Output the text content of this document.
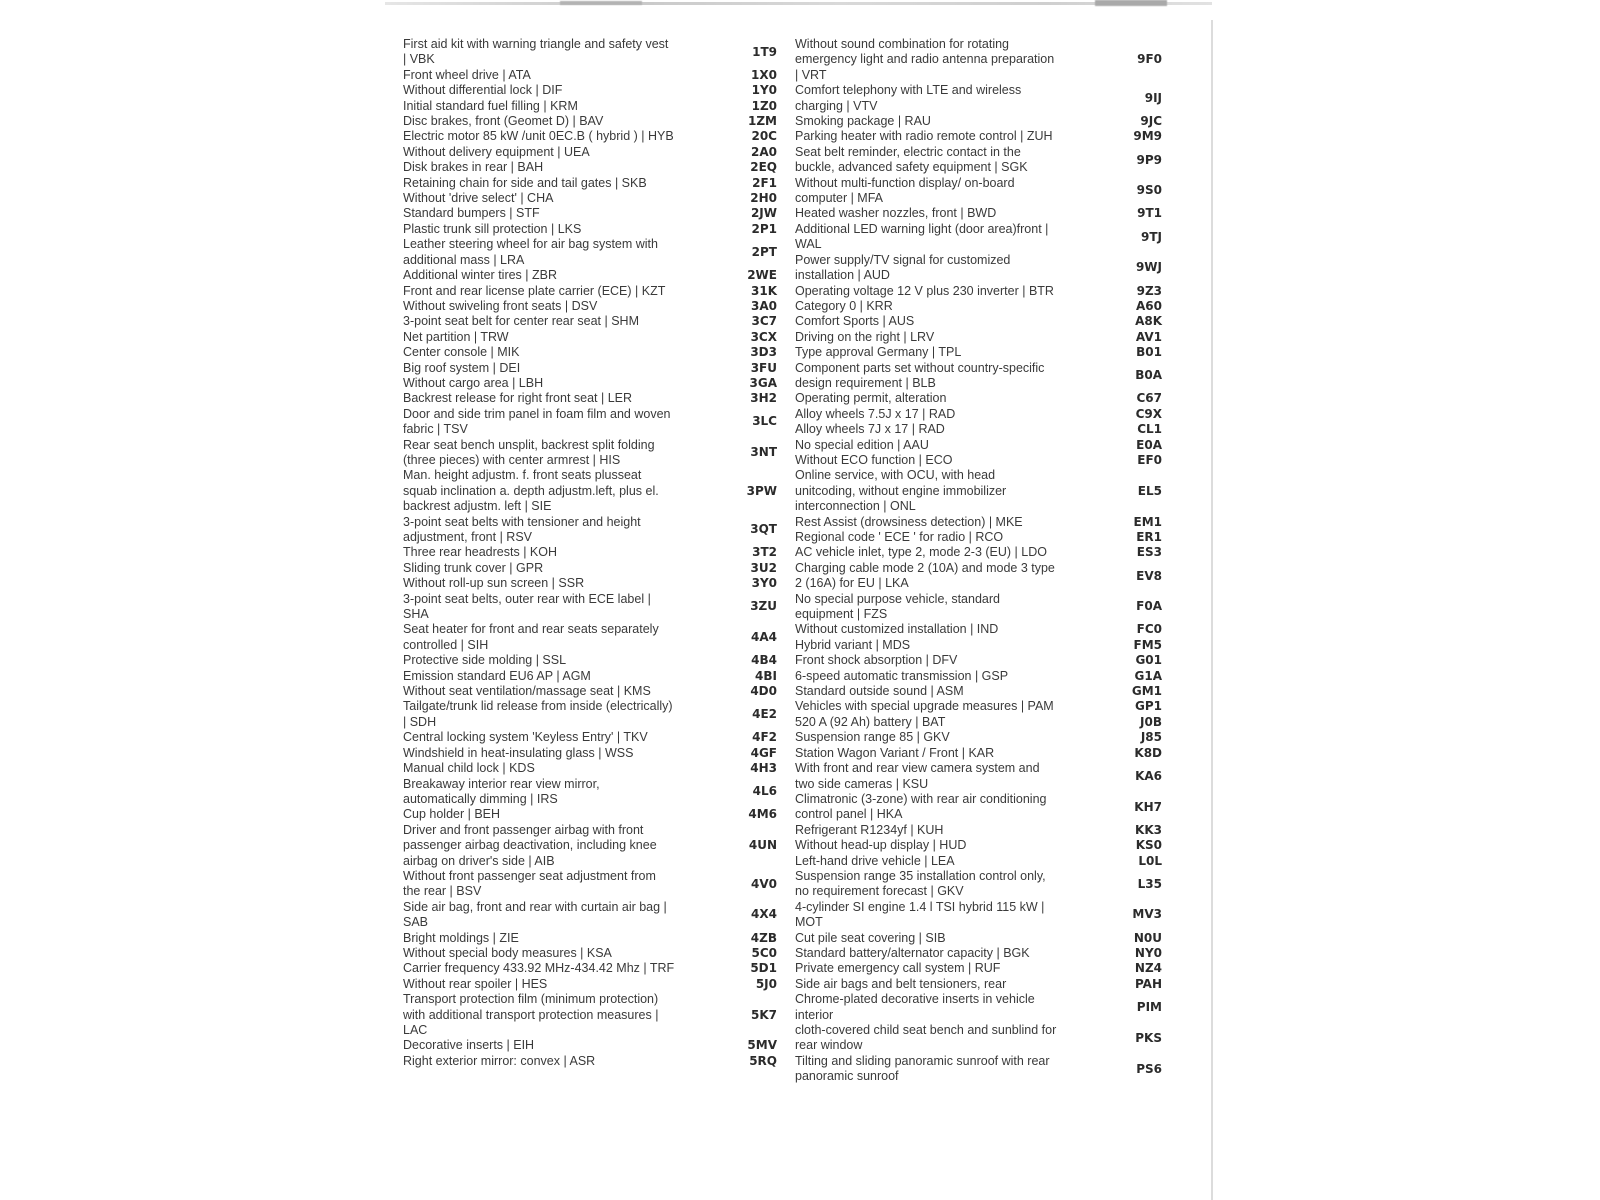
First aid kit with warning triangle and safety vest | VBK
1T9
Front wheel drive | ATA	1X0
Without differential lock | DIF	1Y0
Initial standard fuel filling | KRM	1Z0
Disc brakes, front (Geomet D) | BAV	1ZM
Electric motor 85 kW /unit 0EC.B ( hybrid ) | HYB	20C
Without delivery equipment | UEA	2A0
Disk brakes in rear | BAH	2EQ
Retaining chain for side and tail gates | SKB	2F1
Without 'drive select' | CHA	2H0
Standard bumpers | STF	2JW
Plastic trunk sill protection | LKS	2P1
Leather steering wheel for air bag system with additional mass | LRA
2PT
Additional winter tires | ZBR	2WE
Front and rear license plate carrier (ECE) | KZT	31K
Without swiveling front seats | DSV	3A0
3-point seat belt for center rear seat | SHM	3C7
Net partition | TRW	3CX
Center console | MIK	3D3
Big roof system | DEI	3FU
Without cargo area | LBH	3GA
Backrest release for right front seat | LER	3H2
Door and side trim panel in foam film and woven fabric | TSV
3LC
Rear seat bench unsplit, backrest split folding (three pieces) with center armrest | HIS
3NT
Man. height adjustm. f. front seats plusseat squab inclination a. depth adjustm.left, plus el. backrest adjustm. left | SIE
3PW
3-point seat belts with tensioner and height adjustment, front | RSV
3QT
Three rear headrests | KOH	3T2
Sliding trunk cover | GPR	3U2
Without roll-up sun screen | SSR	3Y0
3-point seat belts, outer rear with ECE label | SHA
3ZU
Seat heater for front and rear seats separately controlled | SIH
4A4
Protective side molding | SSL	4B4
Emission standard EU6 AP | AGM	4BI
Without seat ventilation/massage seat | KMS	4D0
Tailgate/trunk lid release from inside (electrically) | SDH
4E2
Central locking system 'Keyless Entry' | TKV	4F2
Windshield in heat-insulating glass | WSS	4GF
Manual child lock | KDS	4H3
Breakaway interior rear view mirror, automatically dimming | IRS
4L6
Cup holder | BEH	4M6
Driver and front passenger airbag with front passenger airbag deactivation, including knee airbag on driver's side | AIB
4UN
Without front passenger seat adjustment from the rear | BSV
4V0
Side air bag, front and rear with curtain air bag | SAB
4X4
Bright moldings | ZIE	4ZB
Without special body measures | KSA	5C0
Carrier frequency 433.92 MHz-434.42 Mhz | TRF	5D1
Without rear spoiler | HES	5J0
Transport protection film (minimum protection) with additional transport protection measures | LAC
5K7
Decorative inserts | EIH	5MV
Right exterior mirror: convex | ASR	5RQ
Without sound combination for rotating emergency light and radio antenna preparation | VRT
9F0
Comfort telephony with LTE and wireless charging | VTV
9IJ
Smoking package | RAU	9JC
Parking heater with radio remote control | ZUH	9M9
Seat belt reminder, electric contact in the buckle, advanced safety equipment | SGK
9P9
Without multi-function display/ on-board computer | MFA
9S0
Heated washer nozzles, front | BWD	9T1
Additional LED warning light (door area)front | WAL
9TJ
Power supply/TV signal for customized installation | AUD
9WJ
Operating voltage 12 V plus 230 inverter | BTR	9Z3
Category 0 | KRR	A60
Comfort Sports | AUS	A8K
Driving on the right | LRV	AV1
Type approval Germany | TPL	B01
Component parts set without country-specific design requirement | BLB
B0A
Operating permit, alteration	C67
Alloy wheels 7.5J x 17 | RAD	C9X
Alloy wheels 7J x 17 | RAD	CL1
No special edition | AAU	E0A
Without ECO function | ECO	EF0
Online service, with OCU, with head unitcoding, without engine immobilizer interconnection | ONL
EL5
Rest Assist (drowsiness detection) | MKE	EM1
Regional code ' ECE ' for radio | RCO	ER1
AC vehicle inlet, type 2, mode 2-3 (EU) | LDO	ES3
Charging cable mode 2 (10A) and mode 3 type 2 (16A) for EU | LKA
EV8
No special purpose vehicle, standard equipment | FZS
F0A
Without customized installation | IND	FC0
Hybrid variant | MDS	FM5
Front shock absorption | DFV	G01
6-speed automatic transmission | GSP	G1A
Standard outside sound | ASM	GM1
Vehicles with special upgrade measures | PAM	GP1
520 A (92 Ah) battery | BAT	J0B
Suspension range 85 | GKV	J85
Station Wagon Variant / Front | KAR	K8D
With front and rear view camera system and two side cameras | KSU
KA6
Climatronic (3-zone) with rear air conditioning control panel | HKA
KH7
Refrigerant R1234yf | KUH	KK3
Without head-up display | HUD	KS0
Left-hand drive vehicle | LEA	L0L
Suspension range 35 installation control only, no requirement forecast | GKV
L35
4-cylinder SI engine 1.4 l TSI hybrid 115 kW | MOT
MV3
Cut pile seat covering | SIB	N0U
Standard battery/alternator capacity | BGK	NY0
Private emergency call system | RUF	NZ4
Side air bags and belt tensioners, rear	PAH
Chrome-plated decorative inserts in vehicle interior
PIM
cloth-covered child seat bench and sunblind for rear window
PKS
Tilting and sliding panoramic sunroof with rear panoramic sunroof
PS6
